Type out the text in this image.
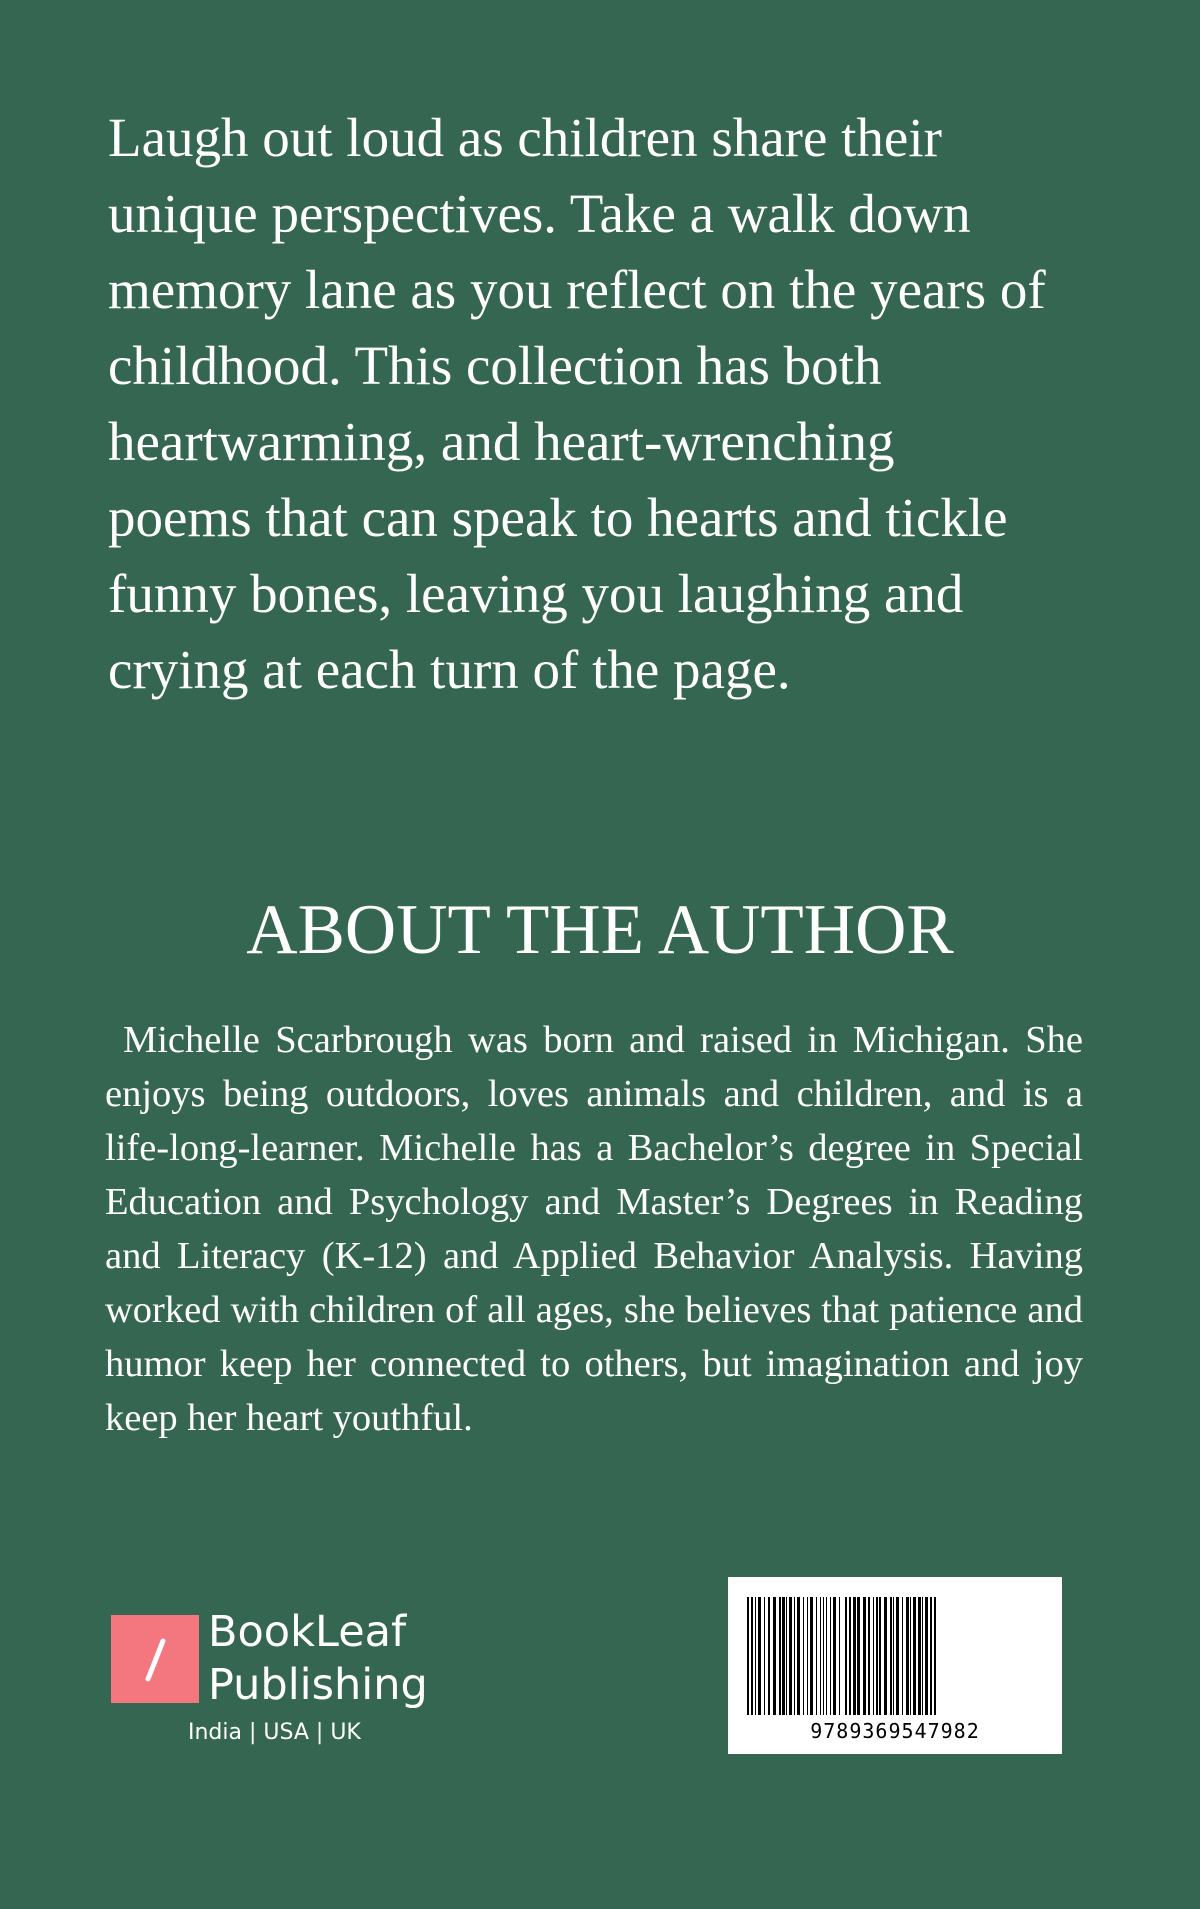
Laugh out loud as children share their
unique perspectives. Take a walk down
memory lane as you reflect on the years of
childhood. This collection has both
heartwarming, and heart-wrenching
poems that can speak to hearts and tickle
funny bones, leaving you laughing and
crying at each turn of the page.

ABOUT THE AUTHOR

Michelle Scarbrough was born and raised in Michigan. She enjoys being outdoors, loves animals and children, and is a life-long-learner. Michelle has a Bachelor’s degree in Special Education and Psychology and Master’s Degrees in Reading and Literacy (K-12) and Applied Behavior Analysis. Having worked with children of all ages, she believes that patience and humor keep her connected to others, but imagination and joy keep her heart youthful.

BookLeaf
Publishing

India | USA | UK	9789369547982
